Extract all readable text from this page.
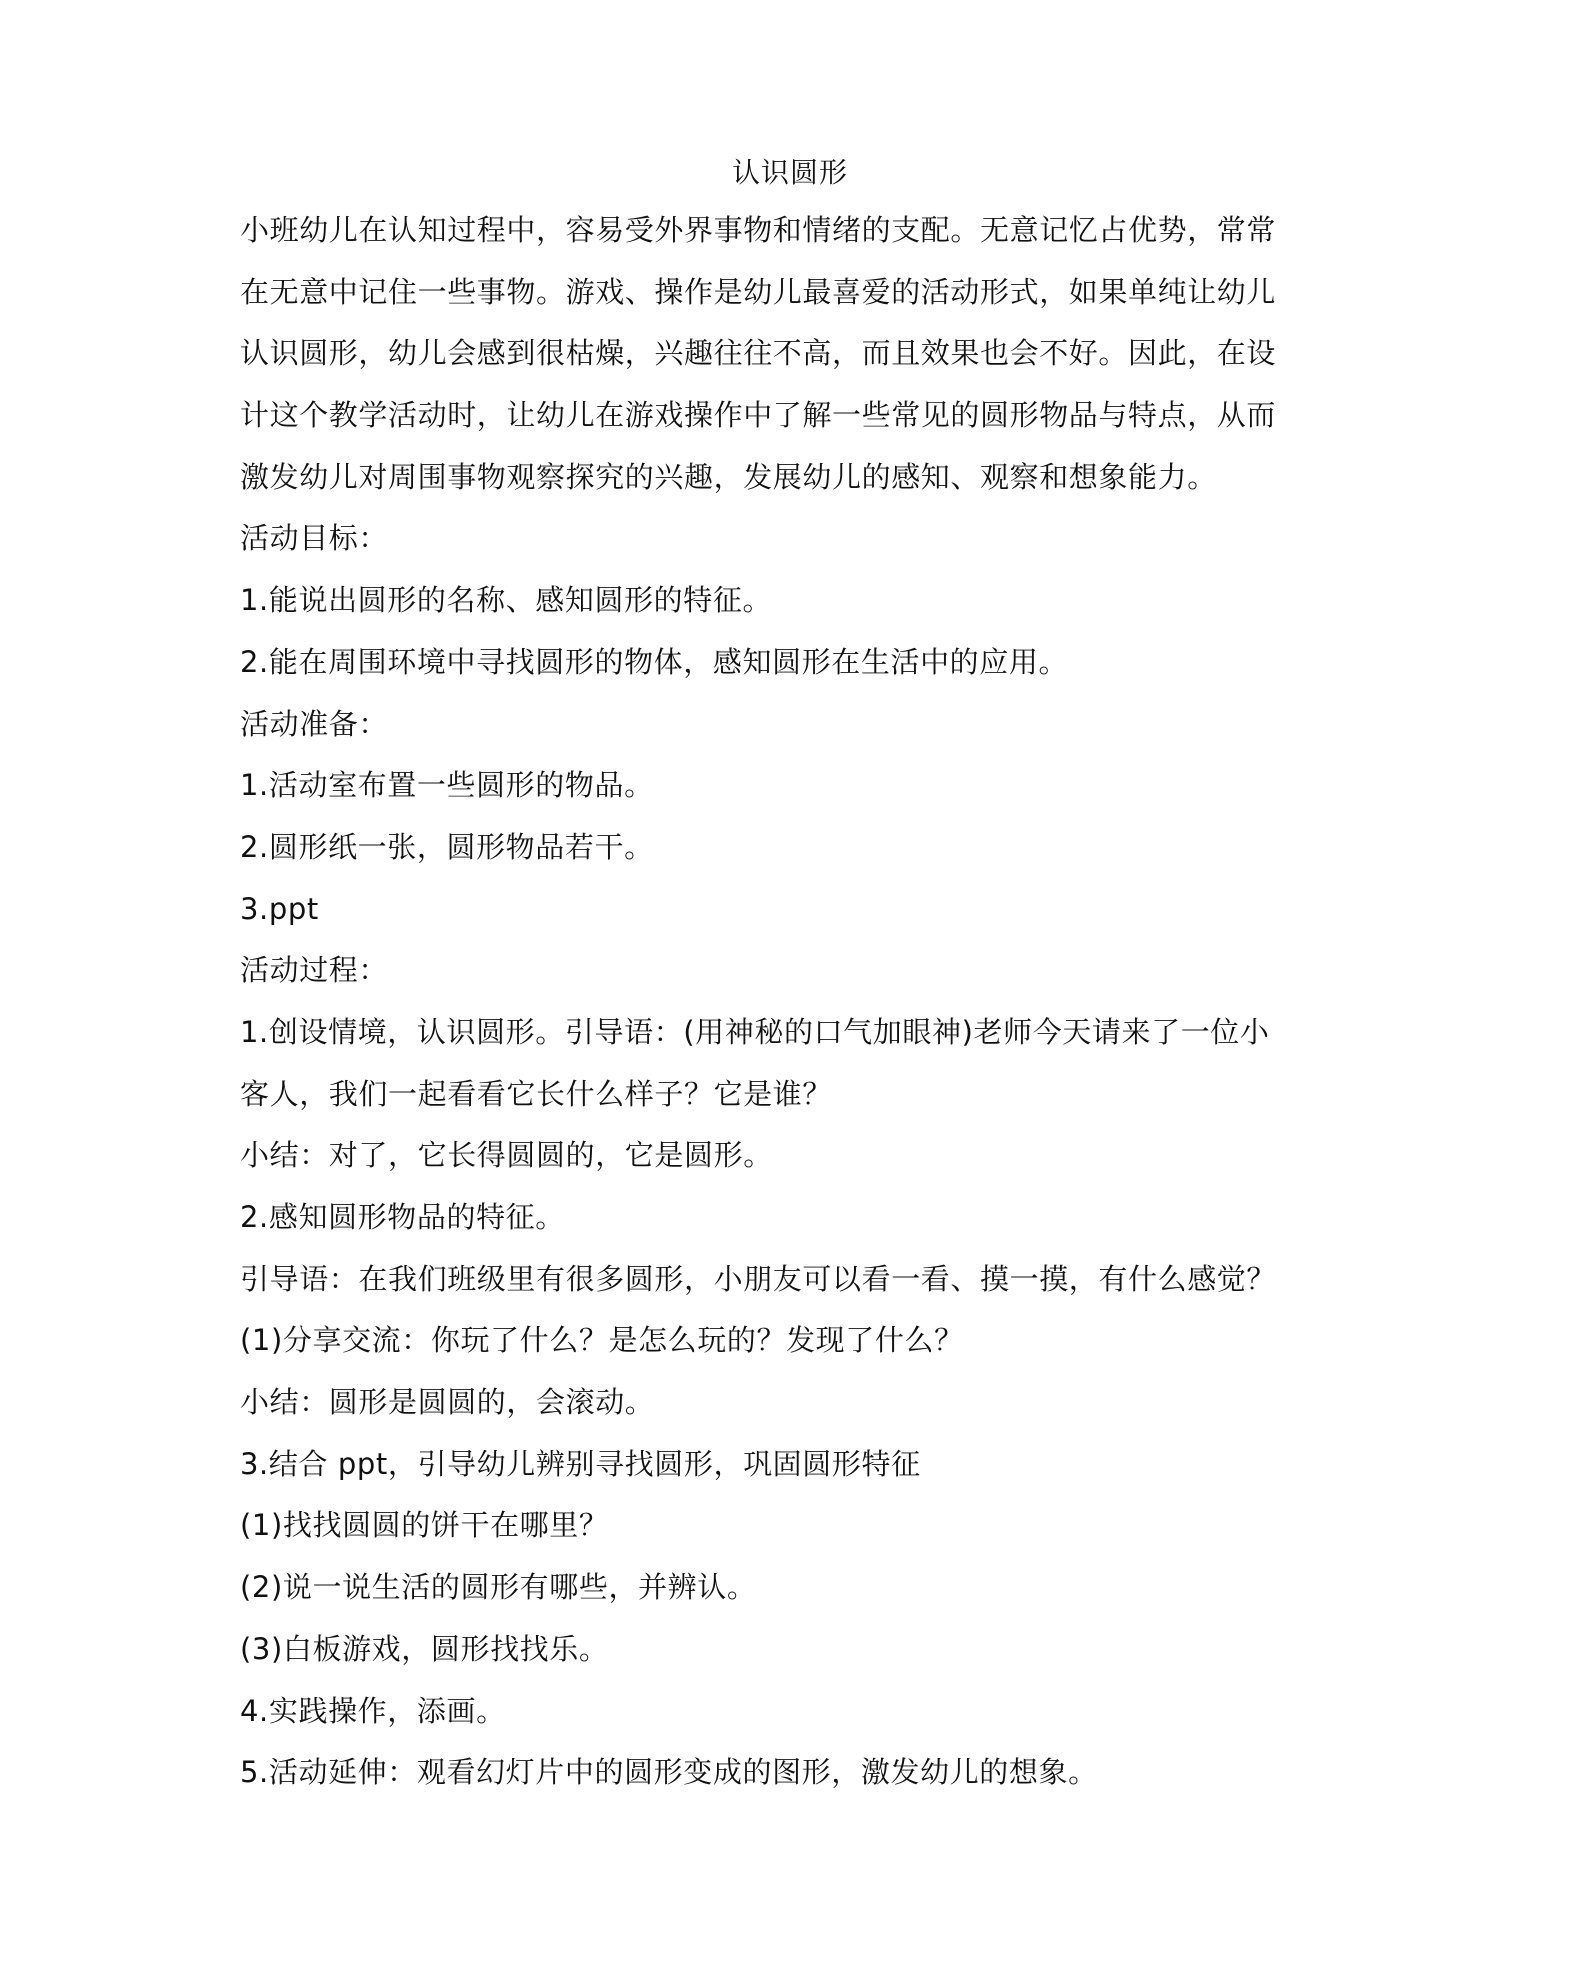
认识圆形

小班幼儿在认知过程中，容易受外界事物和情绪的支配。无意记忆占优势，常常

在无意中记住一些事物。游戏、操作是幼儿最喜爱的活动形式，如果单纯让幼儿

认识圆形，幼儿会感到很枯燥，兴趣往往不高，而且效果也会不好。因此，在设

计这个教学活动时，让幼儿在游戏操作中了解一些常见的圆形物品与特点，从而

激发幼儿对周围事物观察探究的兴趣，发展幼儿的感知、观察和想象能力。

活动目标：

1.能说出圆形的名称、感知圆形的特征。

2.能在周围环境中寻找圆形的物体，感知圆形在生活中的应用。

活动准备：

1.活动室布置一些圆形的物品。

2.圆形纸一张，圆形物品若干。

3.ppt

活动过程：

1.创设情境，认识圆形。引导语：(用神秘的口气加眼神)老师今天请来了一位小

客人，我们一起看看它长什么样子？它是谁？

小结：对了，它长得圆圆的，它是圆形。

2.感知圆形物品的特征。

引导语：在我们班级里有很多圆形，小朋友可以看一看、摸一摸，有什么感觉？

(1)分享交流：你玩了什么？是怎么玩的？发现了什么？

小结：圆形是圆圆的，会滚动。

3.结合 ppt，引导幼儿辨别寻找圆形，巩固圆形特征

(1)找找圆圆的饼干在哪里？

(2)说一说生活的圆形有哪些，并辨认。

(3)白板游戏，圆形找找乐。

4.实践操作，添画。

5.活动延伸：观看幻灯片中的圆形变成的图形，激发幼儿的想象。
